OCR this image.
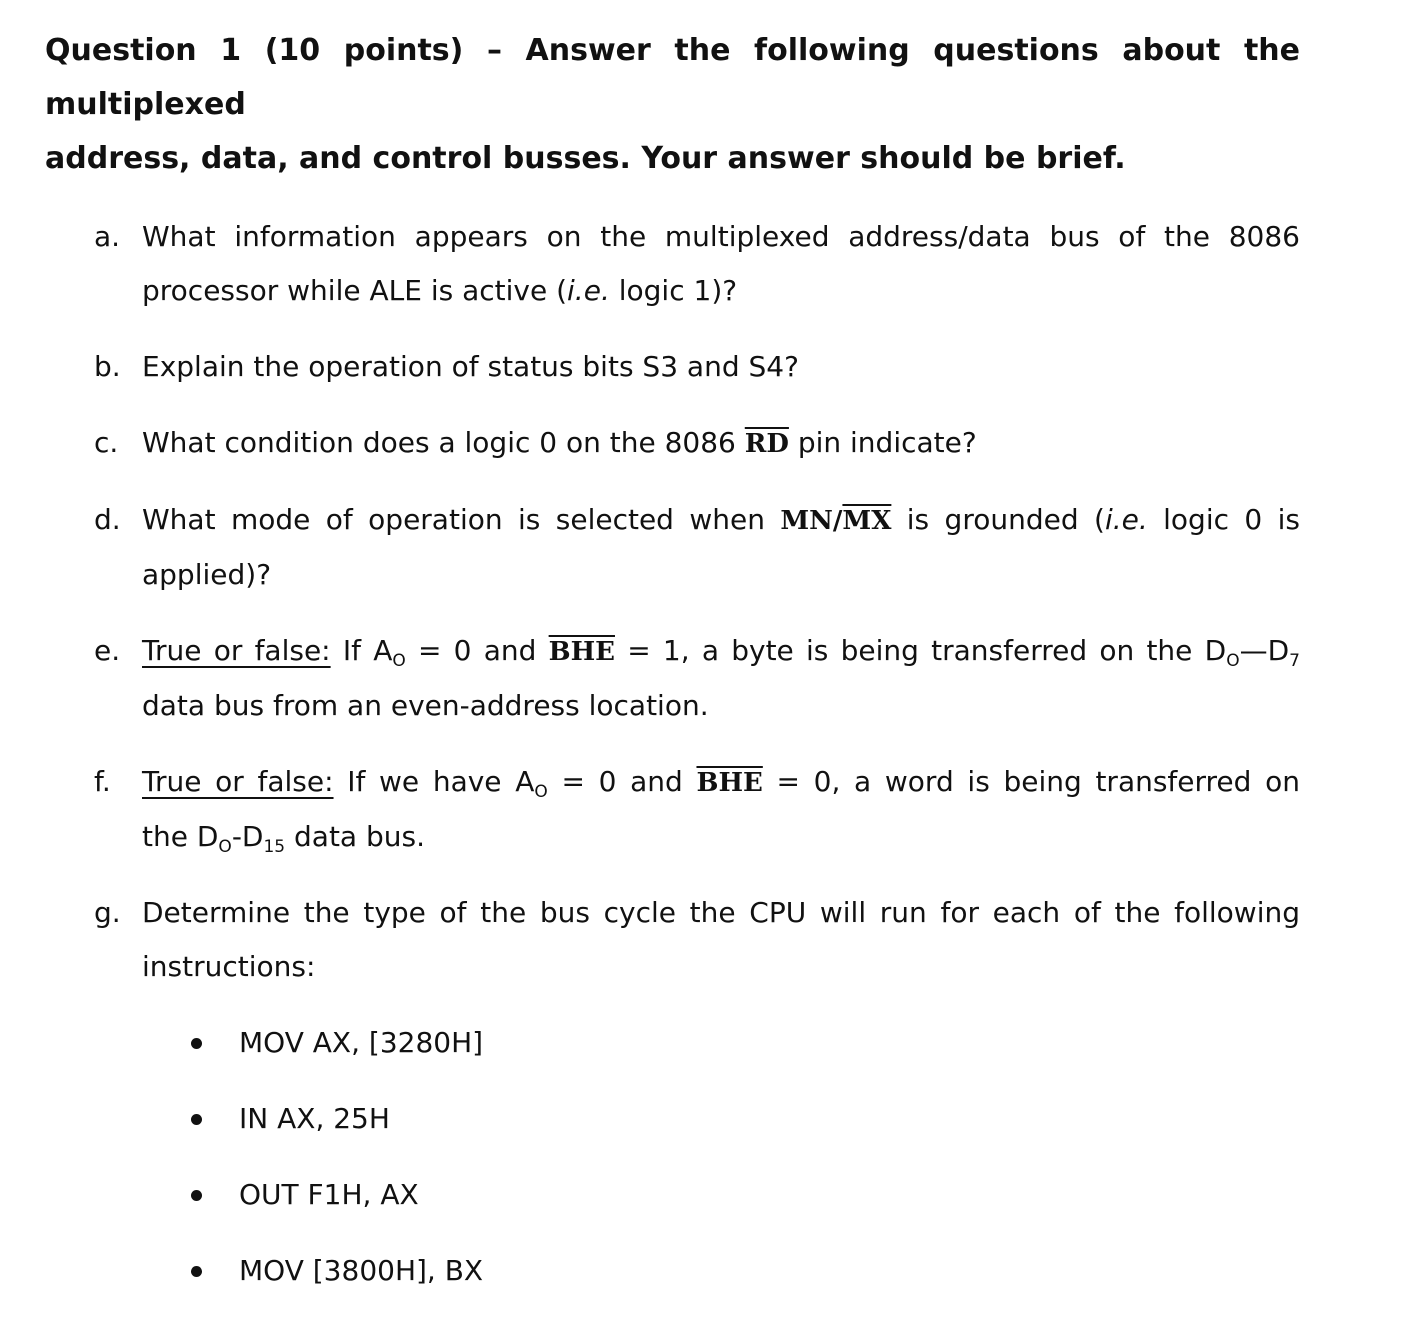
Question 1 (10 points) – Answer the following questions about the multiplexed
address, data, and control busses. Your answer should be brief.
a. What information appears on the multiplexed address/data bus of the 8086
processor while ALE is active (i.e. logic 1)?
b. Explain the operation of status bits S3 and S4?
c. What condition does a logic 0 on the 8086 $\overline{RD}$ pin indicate?
d. What mode of operation is selected when $MN/\overline{MX}$ is grounded (i.e. logic 0 is
applied)?
e. True or false: If $A_O = 0$ and $\overline{BHE} = 1$, a byte is being transferred on the $D_O—D_7$
data bus from an even-address location.
f. True or false: If we have $A_O = 0$ and $\overline{BHE} = 0$, a word is being transferred on
the $D_O-D_{15}$ data bus.
g. Determine the type of the bus cycle the CPU will run for each of the following
instructions:
MOV AX, [3280H]
IN AX, 25H
OUT F1H, AX
MOV [3800H], BX
